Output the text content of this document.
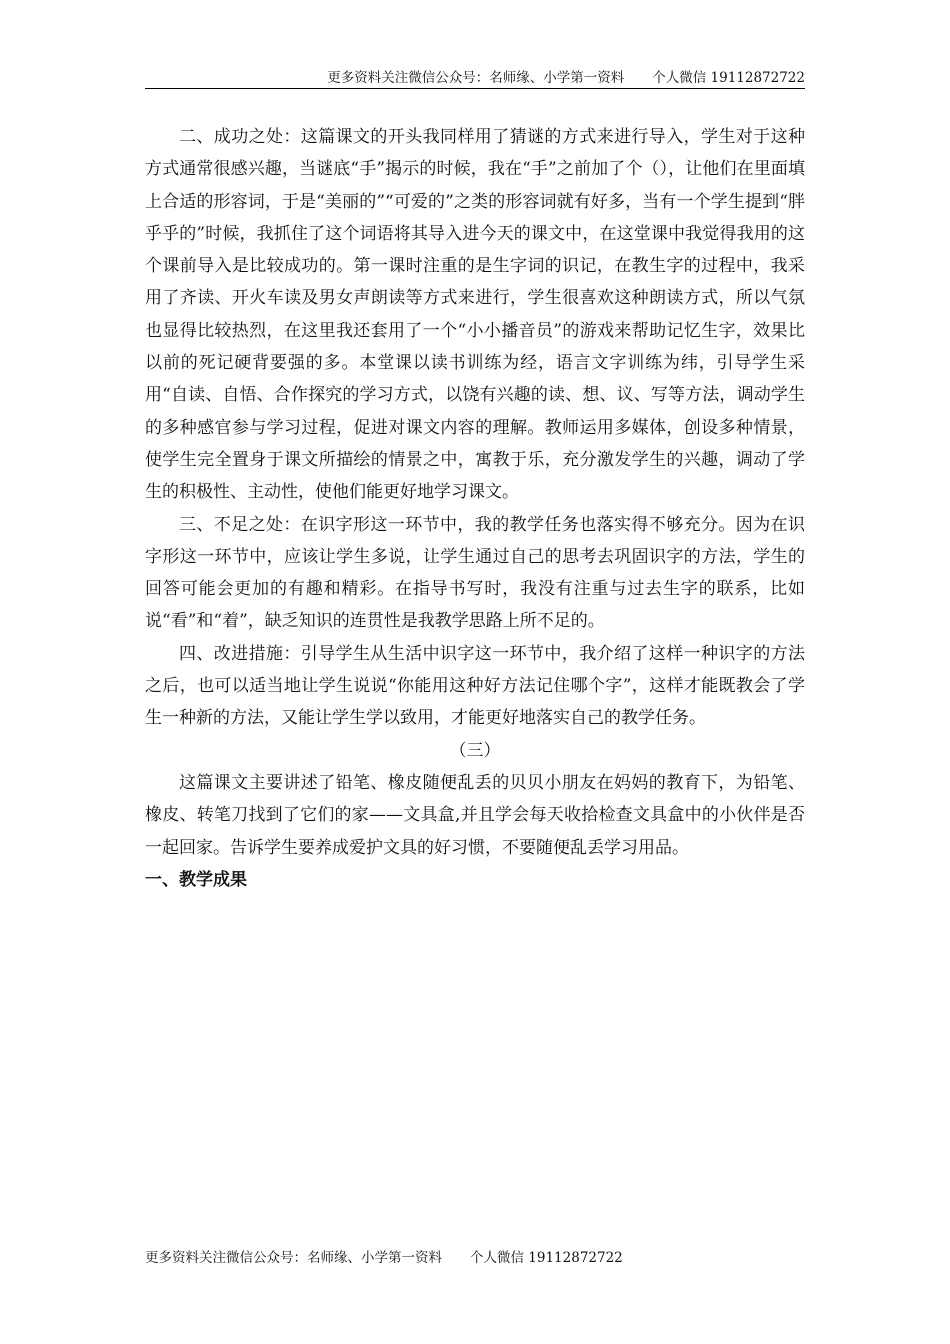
更多资料关注微信公众号：名师缘、小学第一资料 个人微信 19112872722

二、成功之处：这篇课文的开头我同样用了猜谜的方式来进行导入，学生对于这种方式通常很感兴趣，当谜底“手”揭示的时候，我在“手”之前加了个（），让他们在里面填上合适的形容词，于是“美丽的”“可爱的”之类的形容词就有好多，当有一个学生提到“胖乎乎的”时候，我抓住了这个词语将其导入进今天的课文中，在这堂课中我觉得我用的这个课前导入是比较成功的。第一课时注重的是生字词的识记，在教生字的过程中，我采用了齐读、开火车读及男女声朗读等方式来进行，学生很喜欢这种朗读方式，所以气氛也显得比较热烈，在这里我还套用了一个“小小播音员”的游戏来帮助记忆生字，效果比以前的死记硬背要强的多。本堂课以读书训练为经，语言文字训练为纬，引导学生采用“自读、自悟、合作探究的学习方式，以饶有兴趣的读、想、议、写等方法，调动学生的多种感官参与学习过程，促进对课文内容的理解。教师运用多媒体，创设多种情景，使学生完全置身于课文所描绘的情景之中，寓教于乐，充分激发学生的兴趣，调动了学生的积极性、主动性，使他们能更好地学习课文。

三、不足之处：在识字形这一环节中，我的教学任务也落实得不够充分。因为在识字形这一环节中，应该让学生多说，让学生通过自己的思考去巩固识字的方法，学生的回答可能会更加的有趣和精彩。在指导书写时，我没有注重与过去生字的联系，比如说“看”和“着”，缺乏知识的连贯性是我教学思路上所不足的。

四、改进措施：引导学生从生活中识字这一环节中，我介绍了这样一种识字的方法之后，也可以适当地让学生说说“你能用这种好方法记住哪个字”，这样才能既教会了学生一种新的方法，又能让学生学以致用，才能更好地落实自己的教学任务。

（三）

这篇课文主要讲述了铅笔、橡皮随便乱丢的贝贝小朋友在妈妈的教育下，为铅笔、橡皮、转笔刀找到了它们的家——文具盒,并且学会每天收拾检查文具盒中的小伙伴是否一起回家。告诉学生要养成爱护文具的好习惯，不要随便乱丢学习用品。

一、教学成果

更多资料关注微信公众号：名师缘、小学第一资料 个人微信 19112872722
